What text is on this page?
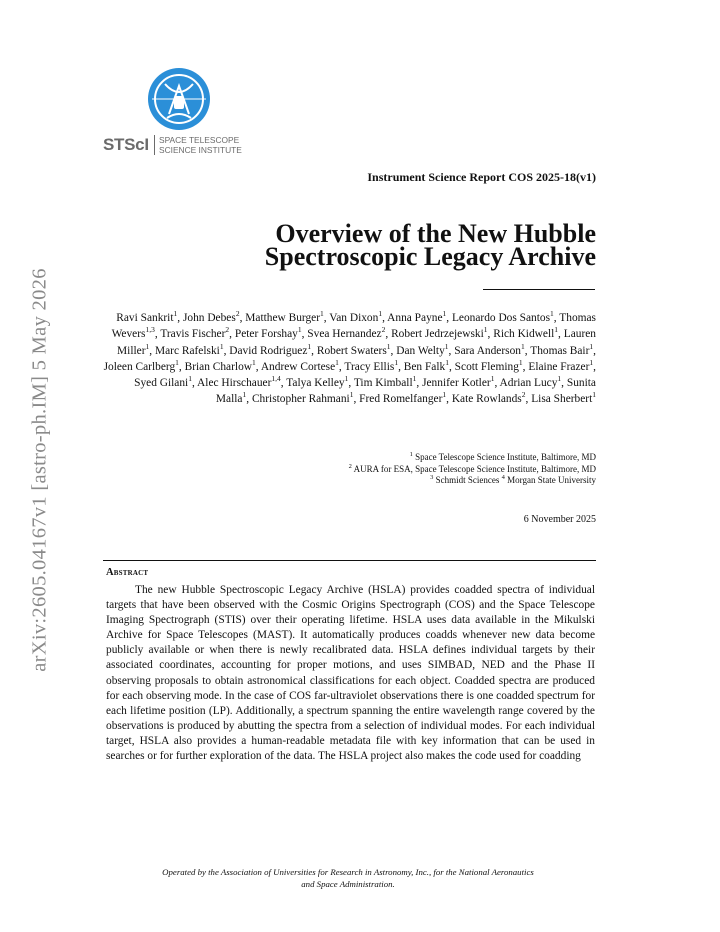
arXiv:2605.04167v1 [astro-ph.IM] 5 May 2026
STScI SPACE TELESCOPE
SCIENCE INSTITUTE
Instrument Science Report COS 2025-18(v1)
Overview of the New Hubble
Spectroscopic Legacy Archive
Ravi Sankrit$^1$, John Debes$^2$, Matthew Burger$^1$, Van Dixon$^1$, Anna Payne$^1$, Leonardo Dos Santos$^1$, Thomas Wevers$^{1,3}$, Travis Fischer$^2$, Peter Forshay$^1$, Svea Hernandez$^2$, Robert Jedrzejewski$^1$, Rich Kidwell$^1$, Lauren Miller$^1$, Marc Rafelski$^1$, David Rodriguez$^1$, Robert Swaters$^1$, Dan Welty$^1$, Sara Anderson$^1$, Thomas Bair$^1$, Joleen Carlberg$^1$, Brian Charlow$^1$, Andrew Cortese$^1$, Tracy Ellis$^1$, Ben Falk$^1$, Scott Fleming$^1$, Elaine Frazer$^1$, Syed Gilani$^1$, Alec Hirschauer$^{1,4}$, Talya Kelley$^1$, Tim Kimball$^1$, Jennifer Kotler$^1$, Adrian Lucy$^1$, Sunita Malla$^1$, Christopher Rahmani$^1$, Fred Romelfanger$^1$, Kate Rowlands$^2$, Lisa Sherbert$^1$
$^1$ Space Telescope Science Institute, Baltimore, MD
$^2$ AURA for ESA, Space Telescope Science Institute, Baltimore, MD
$^3$ Schmidt Sciences $^4$ Morgan State University
6 November 2025
Abstract
The new Hubble Spectroscopic Legacy Archive (HSLA) provides coadded spectra of individual targets that have been observed with the Cosmic Origins Spectrograph (COS) and the Space Telescope Imaging Spectrograph (STIS) over their operating lifetime. HSLA uses data available in the Mikulski Archive for Space Telescopes (MAST). It automatically produces coadds whenever new data become publicly available or when there is newly recalibrated data. HSLA defines individual targets by their associated coordinates, accounting for proper motions, and uses SIMBAD, NED and the Phase II observing proposals to obtain astronomical classifications for each object. Coadded spectra are produced for each observing mode. In the case of COS far-ultraviolet observations there is one coadded spectrum for each lifetime position (LP). Additionally, a spectrum spanning the entire wavelength range covered by the observations is produced by abutting the spectra from a selection of individual modes. For each individual target, HSLA also provides a human-readable metadata file with key information that can be used in searches or for further exploration of the data. The HSLA project also makes the code used for coadding
Operated by the Association of Universities for Research in Astronomy, Inc., for the National Aeronautics
and Space Administration.
